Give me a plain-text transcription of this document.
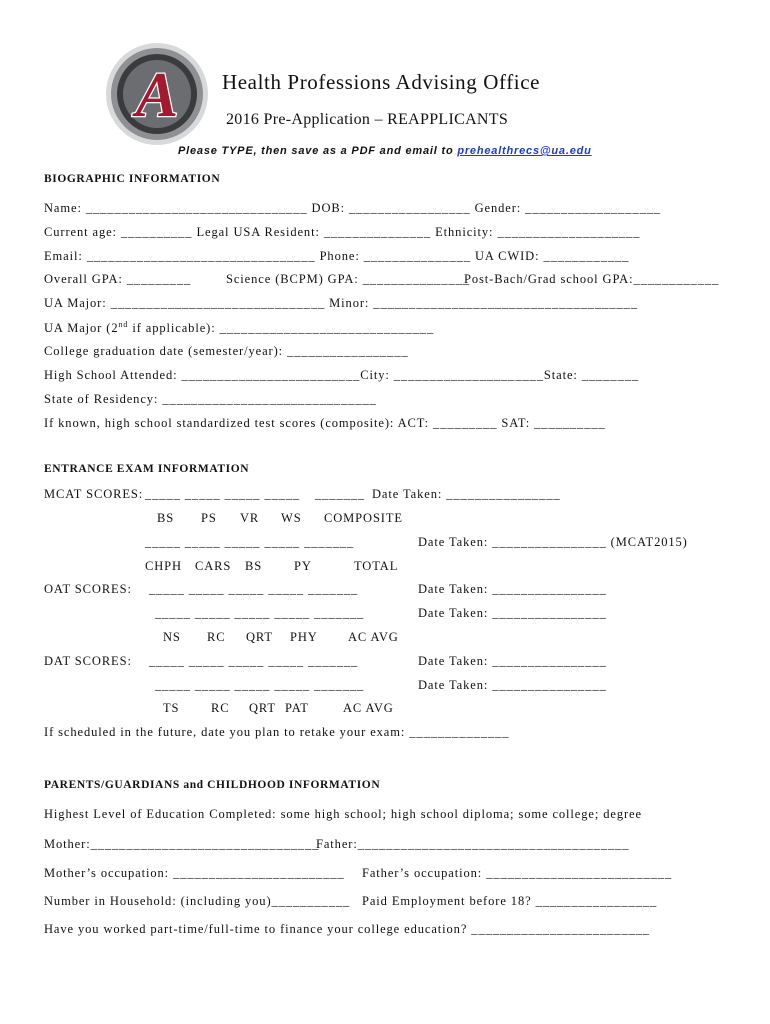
A Health Professions Advising Office
2016 Pre-Application – REAPPLICANTS
Please TYPE, then save as a PDF and email to prehealthrecs@ua.edu
BIOGRAPHIC INFORMATION
Name: _______________________________ DOB: _________________ Gender: ___________________
Current age: __________ Legal USA Resident: _______________ Ethnicity: ____________________
Email: ________________________________ Phone: _______________ UA CWID: ____________
Overall GPA: _________	Science (BCPM) GPA: _______________
Post-Bach/Grad school GPA:____________
UA Major: ______________________________ Minor: _____________________________________
UA Major (2nd if applicable): ______________________________
College graduation date (semester/year): _________________
High School Attended: _________________________City: _____________________State: ________
State of Residency: ______________________________
If known, high school standardized test scores (composite): ACT: _________ SAT: __________
ENTRANCE EXAM INFORMATION
MCAT SCORES: _____ _____ _____ _____ _______ Date Taken: ________________
BS PS VR WS COMPOSITE
_____ _____ _____ _____ _______	Date Taken: ________________ (MCAT2015)
CHPH CARS BS	PY	TOTAL
OAT SCORES: _____ _____ _____ _____ _______	Date Taken: ________________
_____ _____ _____ _____ _______	Date Taken: ________________
NS RC QRT PHY AC AVG
DAT SCORES: _____ _____ _____ _____ _______	Date Taken: ________________
_____ _____ _____ _____ _______	Date Taken: ________________
TS	RC QRT PAT	AC AVG
If scheduled in the future, date you plan to retake your exam: ______________
PARENTS/GUARDIANS and CHILDHOOD INFORMATION
Highest Level of Education Completed: some high school; high school diploma; some college; degree
Mother:________________________________
Father:______________________________________
Mother’s occupation: ________________________ Father’s occupation: __________________________
Number in Household: (including you)___________ Paid Employment before 18? _________________
Have you worked part-time/full-time to finance your college education? _________________________
